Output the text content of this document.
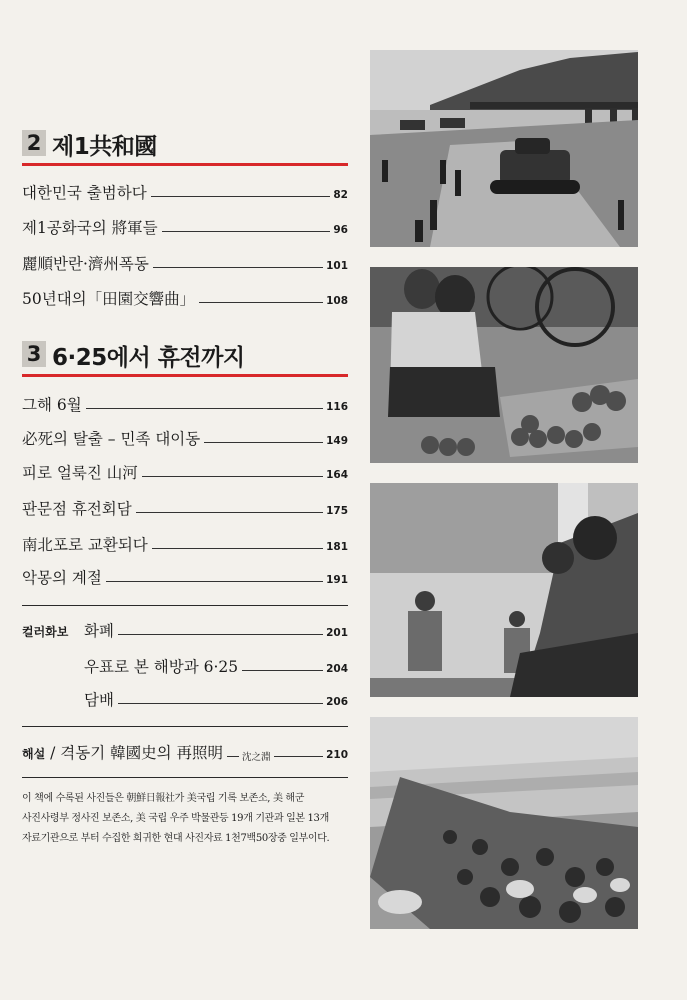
2 제1共和國
대한민국 출범하다	82
제1공화국의 將軍들	96
麗順반란·濟州폭동	101
50년대의「田園交響曲」	108
3 6·25에서 휴전까지
그해 6월	116
必死의 탈출 – 민족 대이동	149
피로 얼룩진 山河	164
판문점 휴전회담	175
南北포로 교환되다	181
악몽의 계절	191
컬러화보 화폐	201
우표로 본 해방과 6·25	204
담배	206
해설 / 격동기 韓國史의 再照明	沈之淵	210
이 책에 수록된 사진들은 朝鮮日報社가 美국립 기록 보존소, 美 해군
사진사령부 정사진 보존소, 美 국립 우주 박물관등 19개 기관과 일본 13개
자료기관으로 부터 수집한 희귀한 현대 사진자료 1천7백50장중 일부이다.
